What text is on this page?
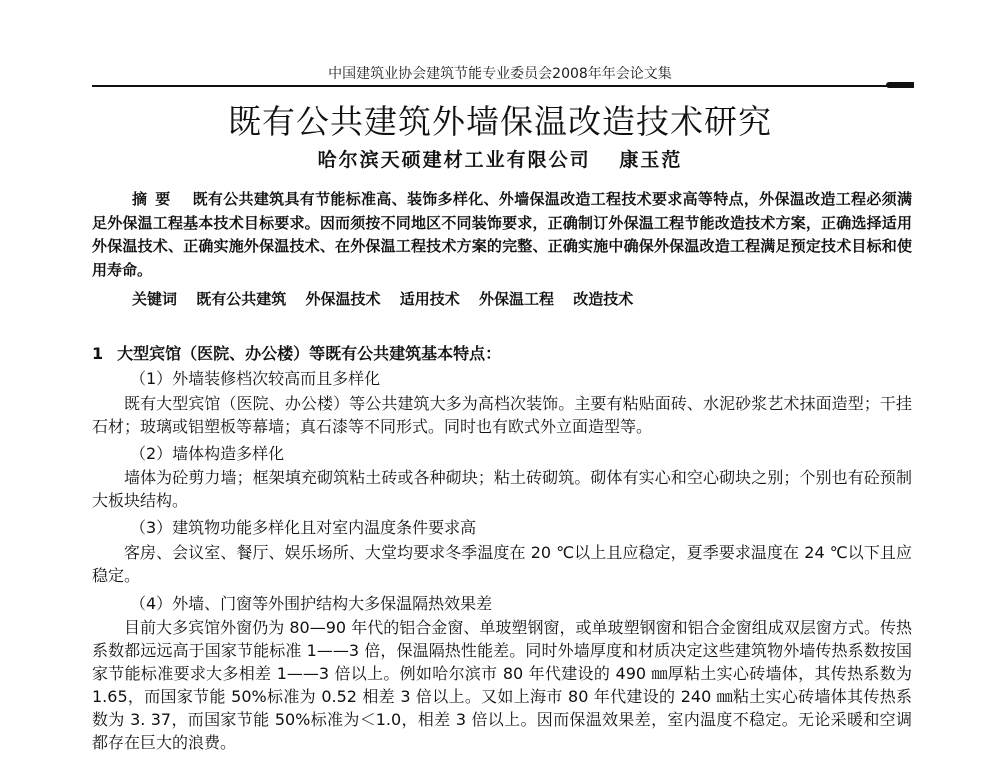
中国建筑业协会建筑节能专业委员会2008年年会论文集
既有公共建筑外墙保温改造技术研究
哈尔滨天硕建材工业有限公司 康玉范
摘要 既有公共建筑具有节能标准高、装饰多样化、外墙保温改造工程技术要求高等特点，外保温改造工程必须满足外保温工程基本技术目标要求。因而须按不同地区不同装饰要求，正确制订外保温工程节能改造技术方案，正确选择适用外保温技术、正确实施外保温技术、在外保温工程技术方案的完整、正确实施中确保外保温改造工程满足预定技术目标和使用寿命。
关键词 既有公共建筑 外保温技术 适用技术 外保温工程 改造技术
1 大型宾馆（医院、办公楼）等既有公共建筑基本特点：
（1）外墙装修档次较高而且多样化
既有大型宾馆（医院、办公楼）等公共建筑大多为高档次装饰。主要有粘贴面砖、水泥砂浆艺术抹面造型；干挂石材；玻璃或铝塑板等幕墙；真石漆等不同形式。同时也有欧式外立面造型等。
（2）墙体构造多样化
墙体为砼剪力墙；框架填充砌筑粘土砖或各种砌块；粘土砖砌筑。砌体有实心和空心砌块之别；个别也有砼预制大板块结构。
（3）建筑物功能多样化且对室内温度条件要求高
客房、会议室、餐厅、娱乐场所、大堂均要求冬季温度在 20 ℃以上且应稳定，夏季要求温度在 24 ℃以下且应稳定。
（4）外墙、门窗等外围护结构大多保温隔热效果差
目前大多宾馆外窗仍为 80—90 年代的铝合金窗、单玻塑钢窗，或单玻塑钢窗和铝合金窗组成双层窗方式。传热系数都远远高于国家节能标准 1——3 倍，保温隔热性能差。同时外墙厚度和材质决定这些建筑物外墙传热系数按国家节能标准要求大多相差 1——3 倍以上。例如哈尔滨市 80 年代建设的 490 ㎜厚粘土实心砖墙体，其传热系数为 1.65，而国家节能 50%标准为 0.52 相差 3 倍以上。又如上海市 80 年代建设的 240 ㎜粘土实心砖墙体其传热系数为 3. 37，而国家节能 50%标准为＜1.0，相差 3 倍以上。因而保温效果差，室内温度不稳定。无论采暖和空调都存在巨大的浪费。
